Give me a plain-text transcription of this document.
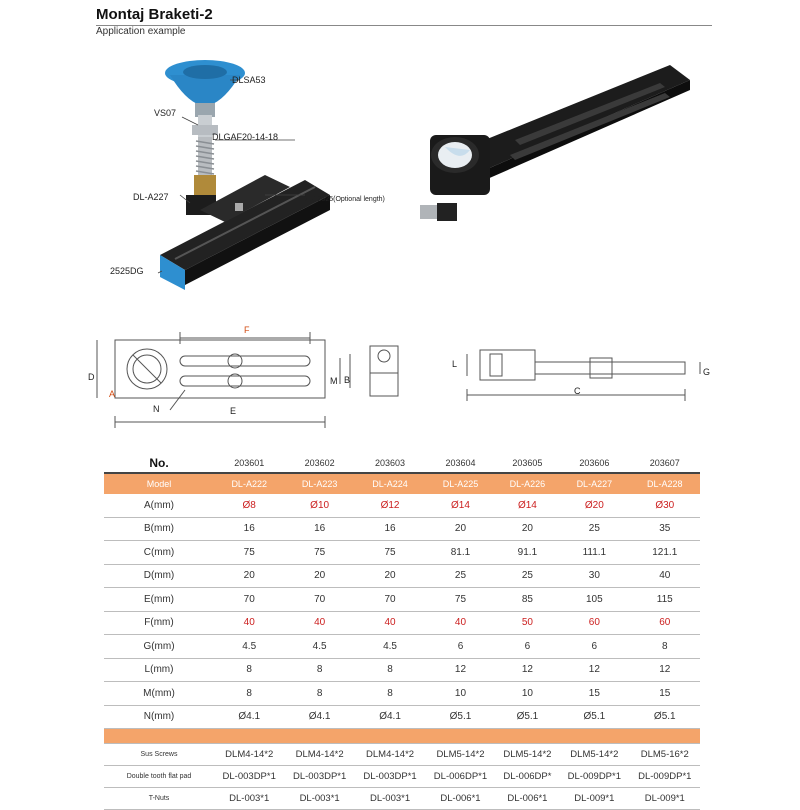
Montaj Braketi-2
Application example
DLSA53
VS07
DLGAF20-14-18
DL-A227	DLF-2525(Optional length)
2525DG
F
D
A
N	E
M B
L
C
G
No.	203601	203602	203603	203604	203605	203606	203607
Model	DL-A222	DL-A223	DL-A224	DL-A225	DL-A226	DL-A227	DL-A228
A(mm)	Ø8	Ø10	Ø12	Ø14	Ø14	Ø20	Ø30
B(mm)	16	16	16	20	20	25	35
C(mm)	75	75	75	81.1	91.1	111.1	121.1
D(mm)	20	20	20	25	25	30	40
E(mm)	70	70	70	75	85	105	115
F(mm)	40	40	40	40	50	60	60
G(mm)	4.5	4.5	4.5	6	6	6	8
L(mm)	8	8	8	12	12	12	12
M(mm)	8	8	8	10	10	15	15
N(mm)	Ø4.1	Ø4.1	Ø4.1	Ø5.1	Ø5.1	Ø5.1	Ø5.1

Sus Screws	DLM4-14*2	DLM4-14*2	DLM4-14*2	DLM5-14*2	DLM5-14*2	DLM5-14*2	DLM5-16*2
Double tooth flat pad	DL-003DP*1	DL-003DP*1	DL-003DP*1	DL-006DP*1	DL-006DP*	DL-009DP*1	DL-009DP*1
T-Nuts	DL-003*1	DL-003*1	DL-003*1	DL-006*1	DL-006*1	DL-009*1	DL-009*1
